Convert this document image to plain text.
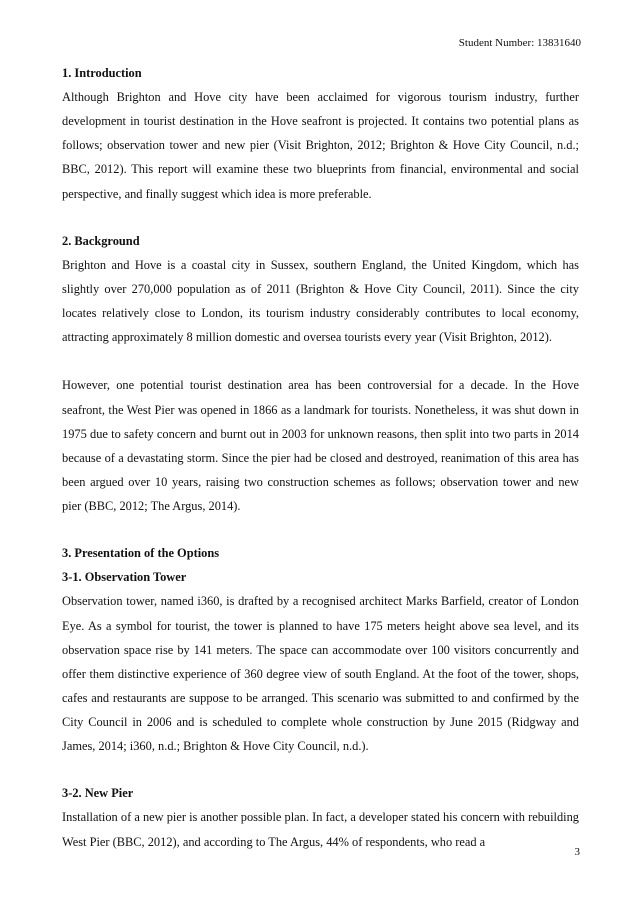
Student Number: 13831640

1. Introduction

Although Brighton and Hove city have been acclaimed for vigorous tourism industry, further development in tourist destination in the Hove seafront is projected. It contains two potential plans as follows; observation tower and new pier (Visit Brighton, 2012; Brighton & Hove City Council, n.d.; BBC, 2012). This report will examine these two blueprints from financial, environmental and social perspective, and finally suggest which idea is more preferable.

2. Background

Brighton and Hove is a coastal city in Sussex, southern England, the United Kingdom, which has slightly over 270,000 population as of 2011 (Brighton & Hove City Council, 2011). Since the city locates relatively close to London, its tourism industry considerably contributes to local economy, attracting approximately 8 million domestic and oversea tourists every year (Visit Brighton, 2012).

However, one potential tourist destination area has been controversial for a decade. In the Hove seafront, the West Pier was opened in 1866 as a landmark for tourists. Nonetheless, it was shut down in 1975 due to safety concern and burnt out in 2003 for unknown reasons, then split into two parts in 2014 because of a devastating storm. Since the pier had be closed and destroyed, reanimation of this area has been argued over 10 years, raising two construction schemes as follows; observation tower and new pier (BBC, 2012; The Argus, 2014).

3. Presentation of the Options

3-1. Observation Tower

Observation tower, named i360, is drafted by a recognised architect Marks Barfield, creator of London Eye. As a symbol for tourist, the tower is planned to have 175 meters height above sea level, and its observation space rise by 141 meters. The space can accommodate over 100 visitors concurrently and offer them distinctive experience of 360 degree view of south England. At the foot of the tower, shops, cafes and restaurants are suppose to be arranged. This scenario was submitted to and confirmed by the City Council in 2006 and is scheduled to complete whole construction by June 2015 (Ridgway and James, 2014; i360, n.d.; Brighton & Hove City Council, n.d.).

3-2. New Pier

Installation of a new pier is another possible plan. In fact, a developer stated his concern with rebuilding West Pier (BBC, 2012), and according to The Argus, 44% of respondents, who read a

3
